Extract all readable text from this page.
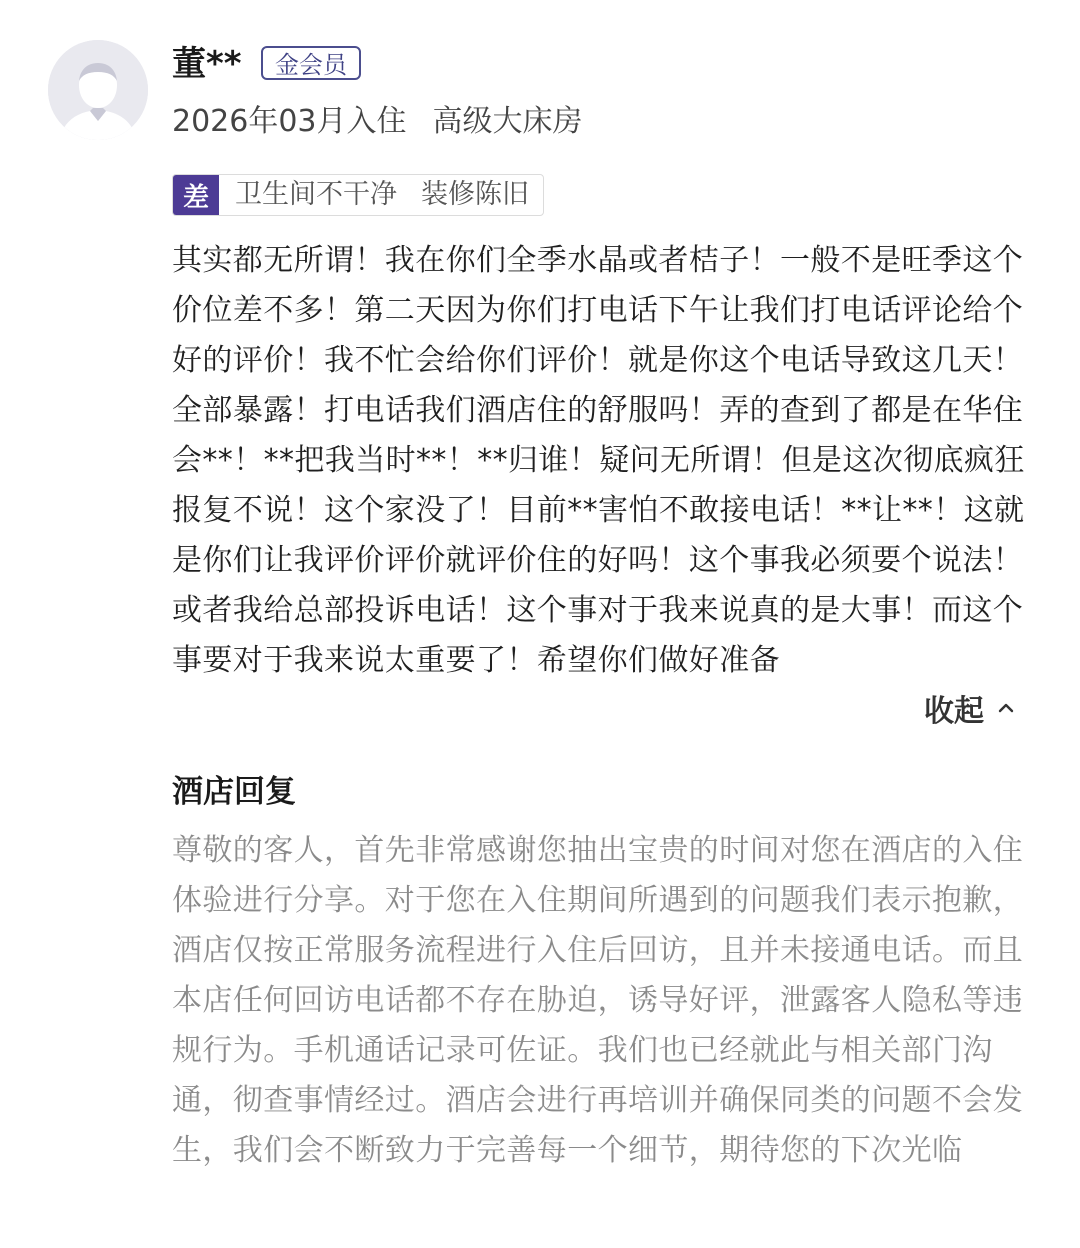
董**	金会员
2026年03月入住 高级大床房
差 卫生间不干净 装修陈旧
其实都无所谓！我在你们全季水晶或者桔子！一般不是旺季这个价位差不多！第二天因为你们打电话下午让我们打电话评论给个好的评价！我不忙会给你们评价！就是你这个电话导致这几天！全部暴露！打电话我们酒店住的舒服吗！弄的查到了都是在华住会**！**把我当时**！**归谁！疑问无所谓！但是这次彻底疯狂报复不说！这个家没了！目前**害怕不敢接电话！**让**！这就是你们让我评价评价就评价住的好吗！这个事我必须要个说法！或者我给总部投诉电话！这个事对于我来说真的是大事！而这个事要对于我来说太重要了！希望你们做好准备
收起
酒店回复
尊敬的客人，首先非常感谢您抽出宝贵的时间对您在酒店的入住体验进行分享。对于您在入住期间所遇到的问题我们表示抱歉，酒店仅按正常服务流程进行入住后回访，且并未接通电话。而且本店任何回访电话都不存在胁迫，诱导好评，泄露客人隐私等违规行为。手机通话记录可佐证。我们也已经就此与相关部门沟通，彻查事情经过。酒店会进行再培训并确保同类的问题不会发生，我们会不断致力于完善每一个细节，期待您的下次光临
